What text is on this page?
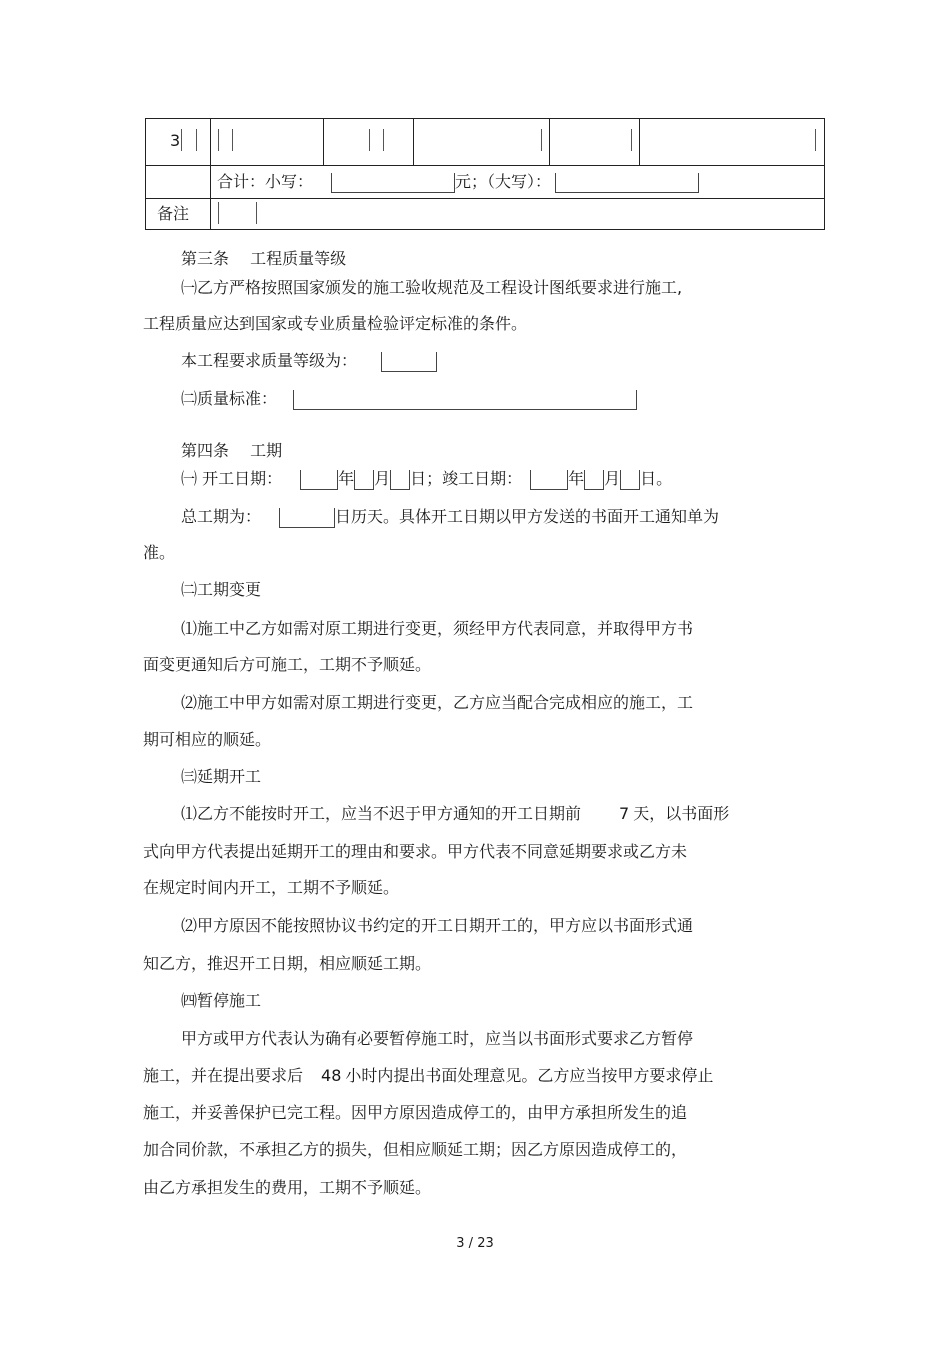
3
合计：小写：	元；（大写）：
备注
第三条　 工程质量等级
㈠乙方严格按照国家颁发的施工验收规范及工程设计图纸要求进行施工,
工程质量应达到国家或专业质量检验评定标准的条件。
本工程要求质量等级为：
㈡质量标准：
第四条　 工期
㈠ 开工日期：	年 月 日；竣工日期：	年 月 日。
总工期为：	日历天。具体开工日期以甲方发送的书面开工通知单为
准。
㈡工期变更
⑴施工中乙方如需对原工期进行变更，须经甲方代表同意，并取得甲方书
面变更通知后方可施工，工期不予顺延。
⑵施工中甲方如需对原工期进行变更，乙方应当配合完成相应的施工，工
期可相应的顺延。
㈢延期开工
⑴乙方不能按时开工，应当不迟于甲方通知的开工日期前 7 天，以书面形
式向甲方代表提出延期开工的理由和要求。甲方代表不同意延期要求或乙方未
在规定时间内开工，工期不予顺延。
⑵甲方原因不能按照协议书约定的开工日期开工的，甲方应以书面形式通
知乙方，推迟开工日期，相应顺延工期。
㈣暂停施工
甲方或甲方代表认为确有必要暂停施工时，应当以书面形式要求乙方暂停
施工，并在提出要求后 48 小时内提出书面处理意见。乙方应当按甲方要求停止
施工，并妥善保护已完工程。因甲方原因造成停工的，由甲方承担所发生的追
加合同价款，不承担乙方的损失，但相应顺延工期；因乙方原因造成停工的，
由乙方承担发生的费用，工期不予顺延。
3 / 23
